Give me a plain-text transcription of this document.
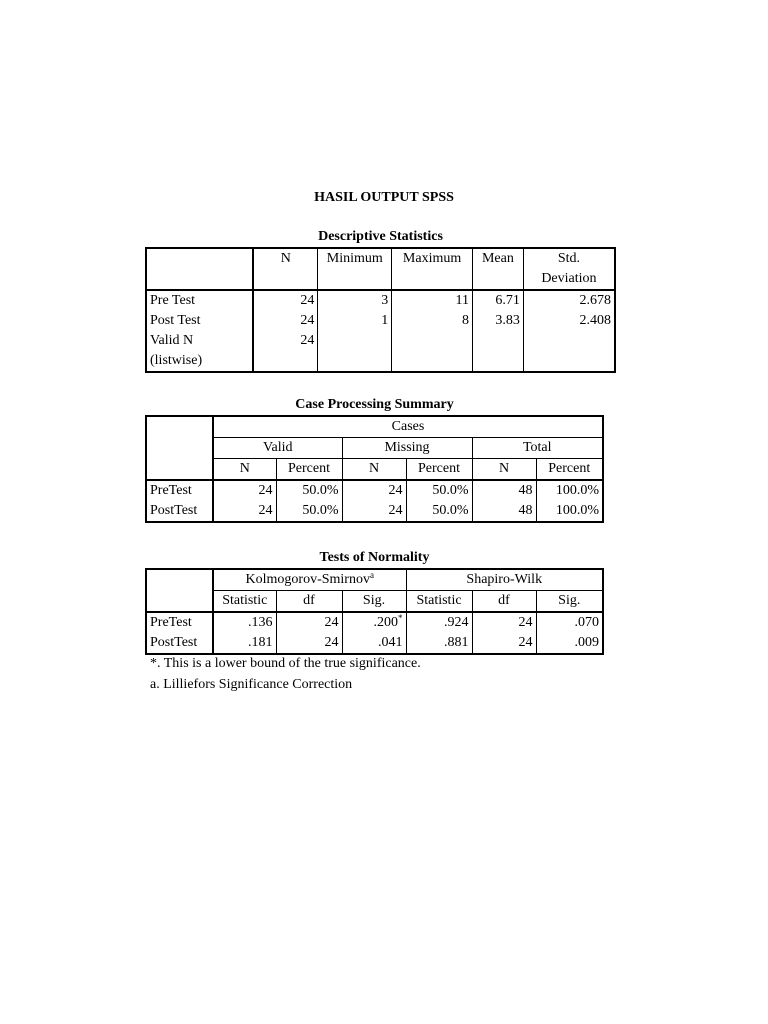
HASIL OUTPUT SPSS
Descriptive Statistics
	N	Minimum	Maximum	Mean	Std.
Deviation

Pre Test	24	3	11	6.71	2.678
Post Test	24	1	8	3.83	2.408

Valid N
(listwise)	24				
Case Processing Summary
	Cases					
	Valid		Missing		Total	
	N	Percent	N	Percent	N	Percent
PreTest	24	50.0%	24	50.0%	48	100.0%
PostTest	24	50.0%	24	50.0%	48	100.0%
Tests of Normality
	Kolmogorov-Smirnov$^a$			Shapiro-Wilk		
	Statistic	df	Sig.	Statistic	df	Sig.
PreTest	.136	24	.200*	.924	24	.070
PostTest	.181	24	.041	.881	24	.009
*. This is a lower bound of the true significance.
a. Lilliefors Significance Correction
